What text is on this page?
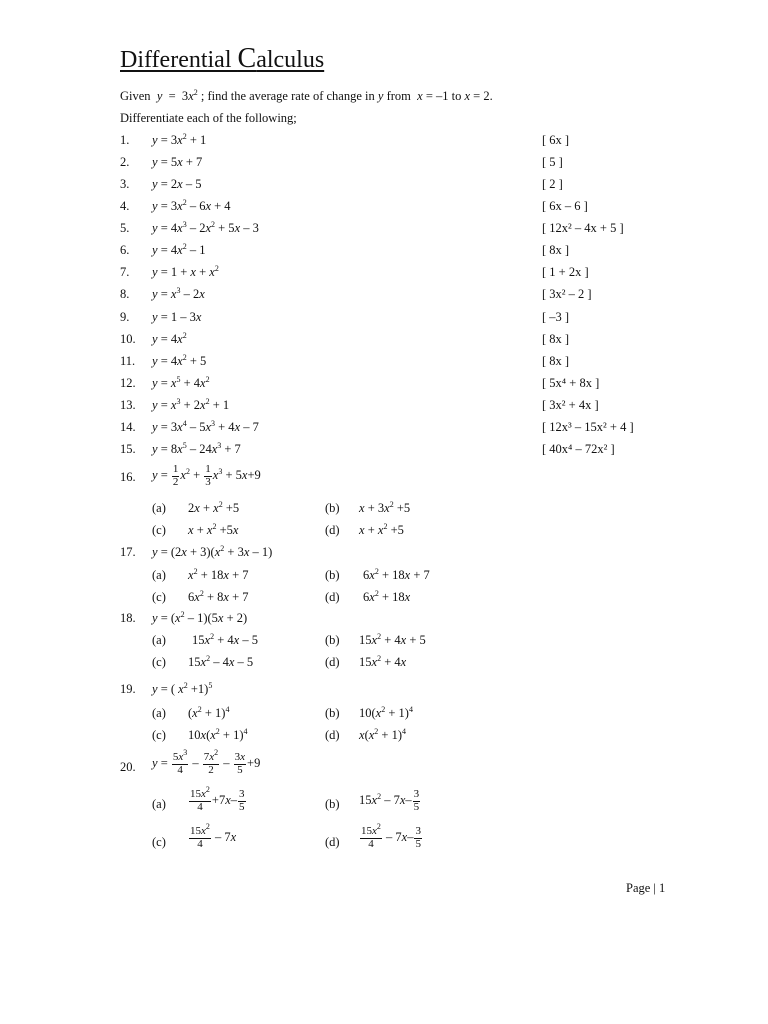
Differential Calculus
Given $y = 3x^2$ ; find the average rate of change in y from x = –1 to x = 2.
Differentiate each of the following;
1. $y = 3x^2 + 1$	[ 6x ]
2. y = 5x + 7	[ 5 ]
3. y = 2x – 5	[ 2 ]
4. $y = 3x^2 - 6x + 4$	[ 6x – 6 ]
5. $y = 4x^3 - 2x^2 + 5x - 3$	[ 12x² – 4x + 5 ]
6. $y = 4x^2 - 1$	[ 8x ]
7. $y = 1 + x + x^2$	[ 1 + 2x ]
8. $y = x^3 - 2x$	[ 3x² – 2 ]
9. y = 1 – 3x	[ –3 ]
10. $y = 4x^2$	[ 8x ]
11. $y = 4x^2 + 5$	[ 8x ]
12. $y = x^5 + 4x^2$	[ 5x⁴ + 8x ]
13. $y = x^3 + 2x^2 + 1$	[ 3x² + 4x ]
14. $y = 3x^4 - 5x^3 + 4x - 7$	[ 12x³ – 15x² + 4 ]
15. $y = 8x^5 - 24x^3 + 7$	[ 40x⁴ – 72x² ]
16. $y = \frac{1}{2} x^2 + \frac{1}{3} x^3 + 5x+9$
(a) $2x + x^2 +5$	(b) $x + 3x^2 +5$
(c) $x + x^2 +5x$	(d) $x + x^2 +5$
17. $y = (2x + 3)(x^2 + 3x - 1)$
(a) $x^2 + 18x + 7$	(b) $6x^2 + 18x + 7$
(c) $6x^2 + 8x + 7$	(d) $6x^2 + 18x$
18. $y = (x^2 - 1)(5x + 2)$
(a) $15x^2 + 4x - 5$	(b) $15x^2 + 4x + 5$
(c) $15x^2 - 4x - 5$	(d) $15x^2 + 4x$
19. y = ( $x^2 +1)^5$
(a) $(x^2 + 1)^4$	(b) $10(x^2 + 1)^4$
(c) $10x(x^2 + 1)^4$	(d) $x(x^2 + 1)^4$
20. $y = \frac{5x^3}{4} - \frac{7x^2}{2} - \frac{3x}{5} +9$
$(a) \frac{15x^2}{4} +7x- \frac{3}{5}$	(b) $15x^2 - 7x- \frac{3}{5}$
$(c) \frac{15x^2}{4} - 7x$	$(d) \frac{15x^2}{4} - 7x- \frac{3}{5}$
Page | 1
